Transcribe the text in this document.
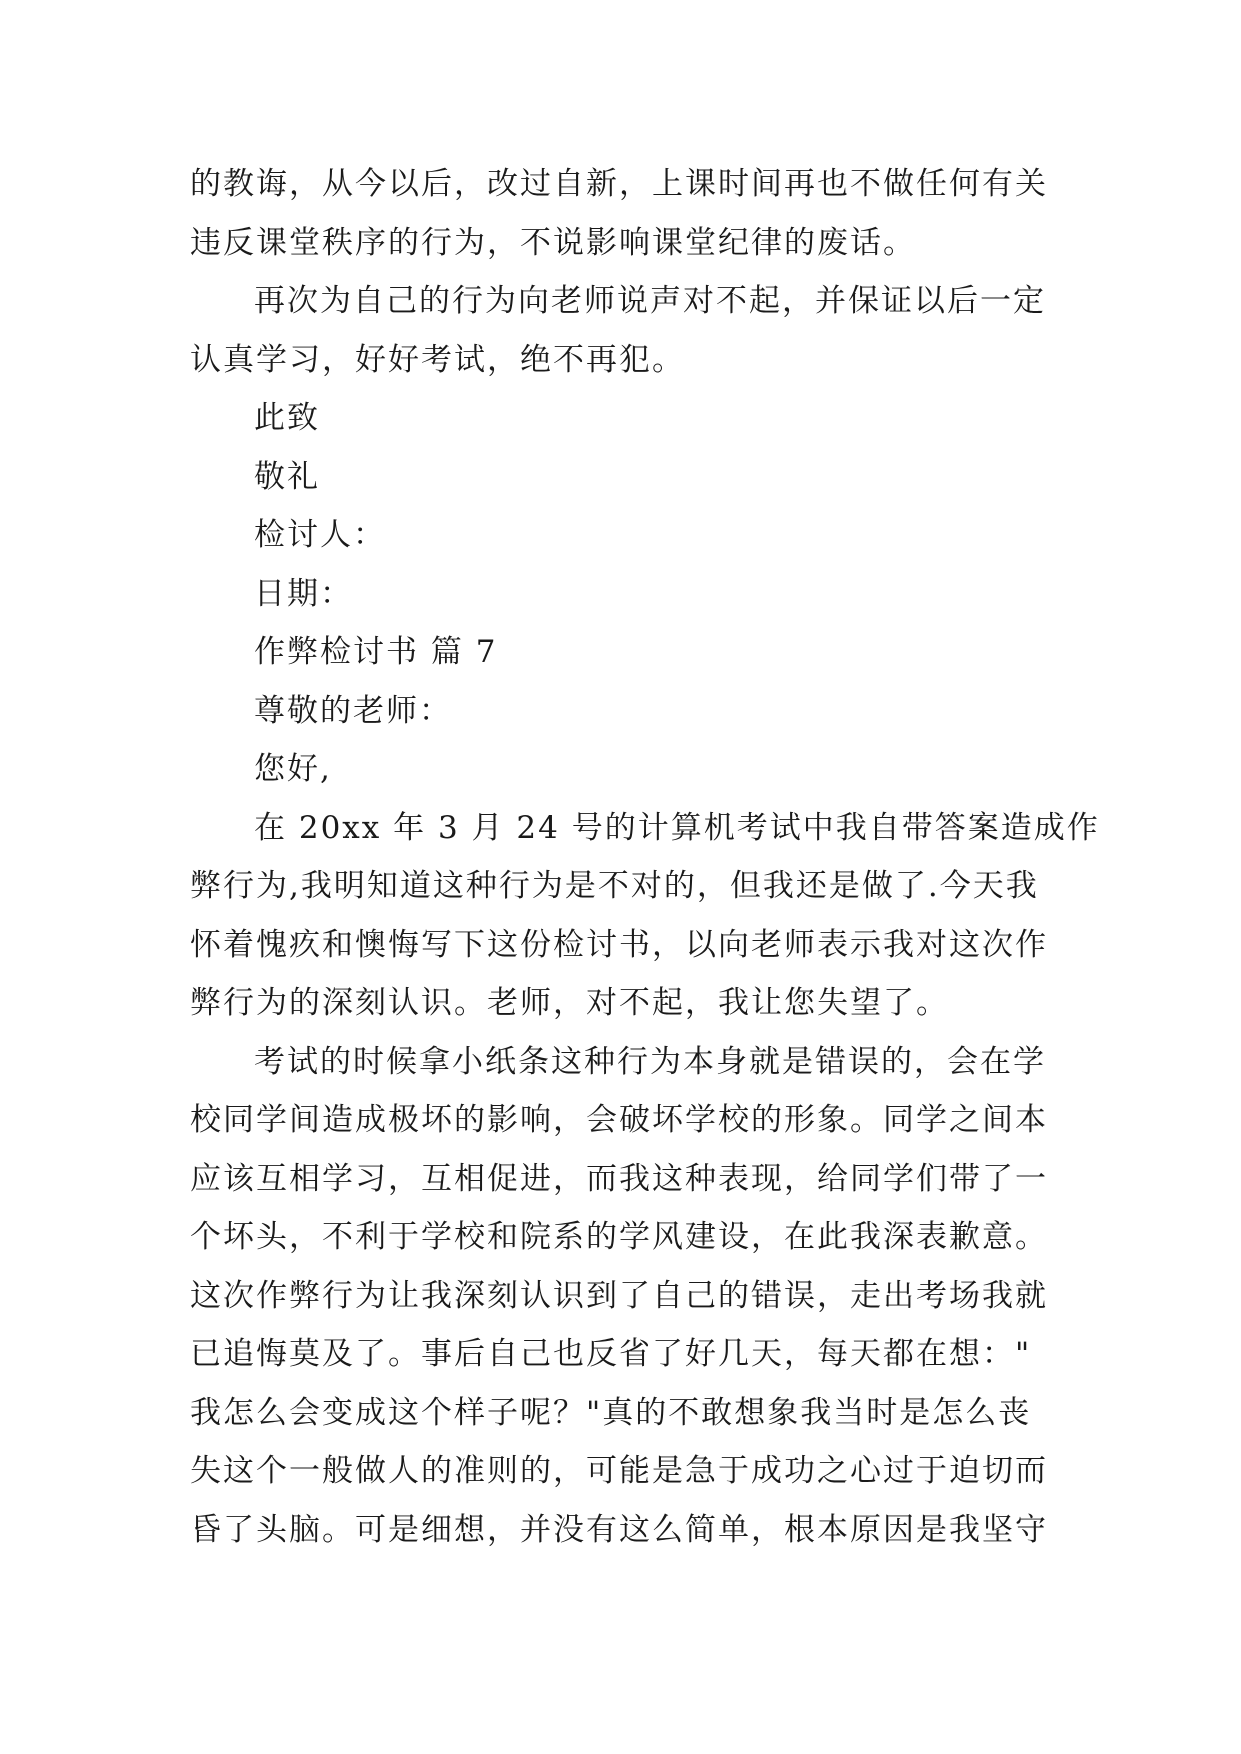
的教诲，从今以后，改过自新，上课时间再也不做任何有关
违反课堂秩序的行为，不说影响课堂纪律的废话。
再次为自己的行为向老师说声对不起，并保证以后一定
认真学习，好好考试，绝不再犯。
此致
敬礼
检讨人：
日期：
作弊检讨书 篇 7
尊敬的老师：
您好,
在 20xx 年 3 月 24 号的计算机考试中我自带答案造成作
弊行为,我明知道这种行为是不对的，但我还是做了.今天我
怀着愧疚和懊悔写下这份检讨书，以向老师表示我对这次作
弊行为的深刻认识。老师，对不起，我让您失望了。
考试的时候拿小纸条这种行为本身就是错误的，会在学
校同学间造成极坏的影响，会破坏学校的形象。同学之间本
应该互相学习，互相促进，而我这种表现，给同学们带了一
个坏头，不利于学校和院系的学风建设，在此我深表歉意。
这次作弊行为让我深刻认识到了自己的错误，走出考场我就
已追悔莫及了。事后自己也反省了好几天，每天都在想："
我怎么会变成这个样子呢？"真的不敢想象我当时是怎么丧
失这个一般做人的准则的，可能是急于成功之心过于迫切而
昏了头脑。可是细想，并没有这么简单，根本原因是我坚守
